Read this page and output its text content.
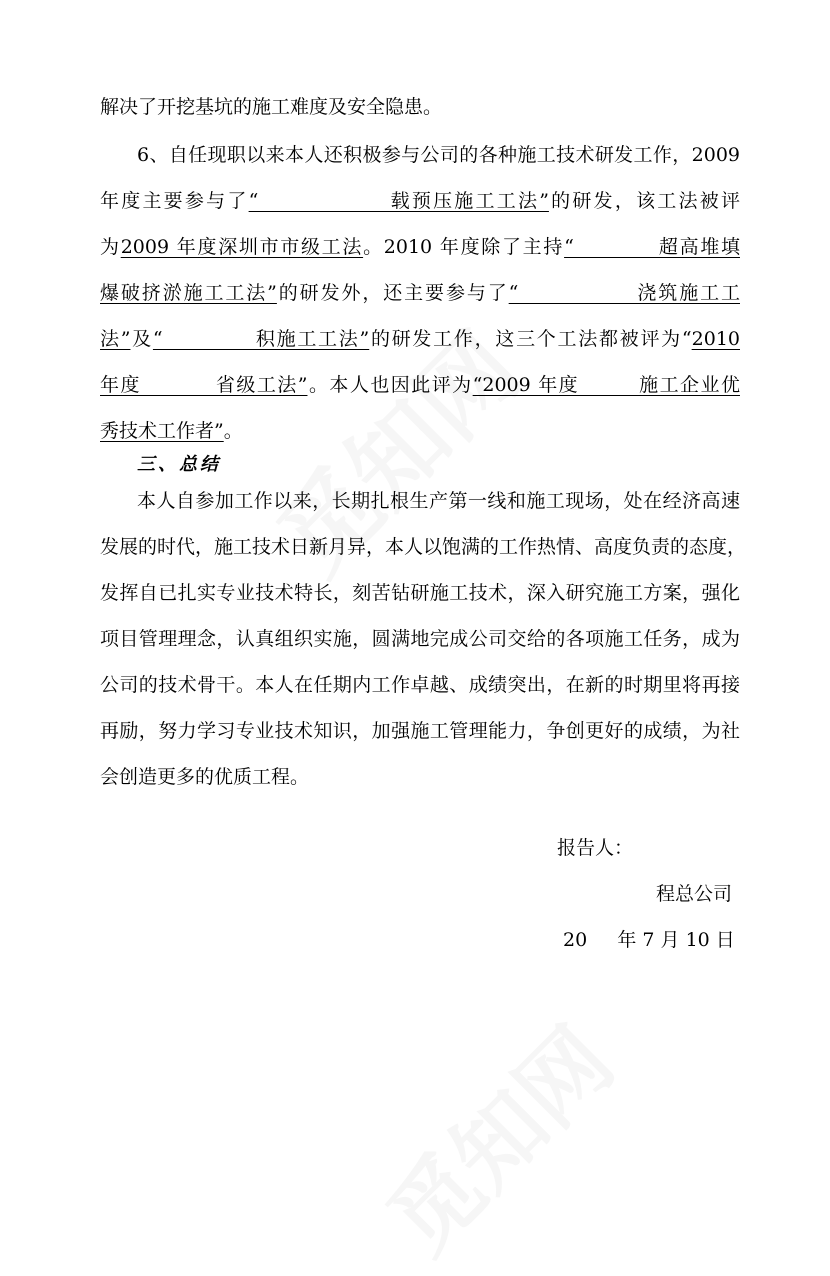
解决了开挖基坑的施工难度及安全隐患。

6、自任现职以来本人还积极参与公司的各种施工技术研发工作，2009

年度主要参与了“                载预压施工工法”的研发，该工法被评

为2009 年度深圳市市级工法。2010 年度除了主持“           超高堆填

爆破挤淤施工工法”的研发外，还主要参与了“               浇筑施工工

法”及“            积施工工法”的研发工作，这三个工法都被评为“2010

年度          省级工法”。本人也因此评为“2009 年度        施工企业优

秀技术工作者”。

三、总结

本人自参加工作以来，长期扎根生产第一线和施工现场，处在经济高速

发展的时代，施工技术日新月异，本人以饱满的工作热情、高度负责的态度，

发挥自已扎实专业技术特长，刻苦钻研施工技术，深入研究施工方案，强化

项目管理理念，认真组织实施，圆满地完成公司交给的各项施工任务，成为

公司的技术骨干。本人在任期内工作卓越、成绩突出，在新的时期里将再接

再励，努力学习专业技术知识，加强施工管理能力，争创更好的成绩，为社

会创造更多的优质工程。

报告人：

程总公司

20     年 7 月 10 日
